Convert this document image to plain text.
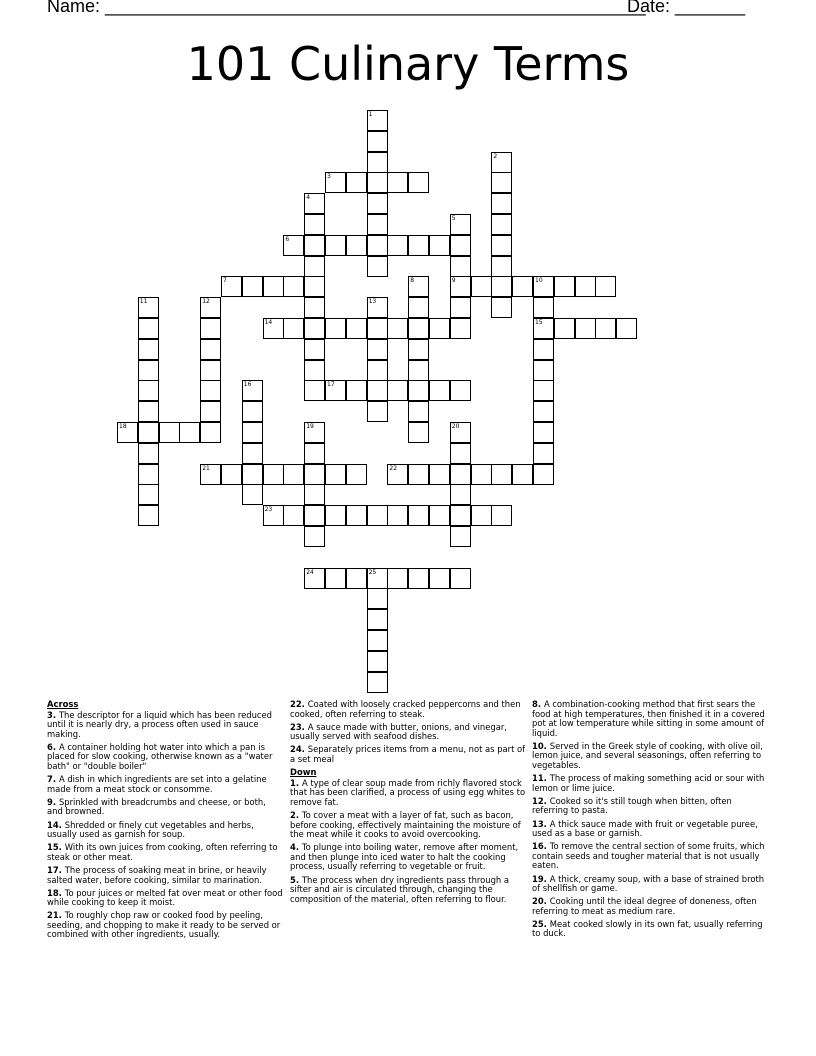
Name: ______________________________________________________
Date: _______
101 Culinary Terms
1
2
3
4
5
9
6
7	8	10
15
11	12	13
14
16	17
18	19	20
21	22
23
24	25
Across
3. The descriptor for a liquid which has been reduced until it is nearly dry, a process often used in sauce making.
6. A container holding hot water into which a pan is placed for slow cooking, otherwise known as a "water bath" or "double boiler"
7. A dish in which ingredients are set into a gelatine made from a meat stock or consomme.
9. Sprinkled with breadcrumbs and cheese, or both, and browned.
14. Shredded or finely cut vegetables and herbs, usually used as garnish for soup.
15. With its own juices from cooking, often referring to steak or other meat.
17. The process of soaking meat in brine, or heavily salted water, before cooking, similar to marination.
18. To pour juices or melted fat over meat or other food while cooking to keep it moist.
21. To roughly chop raw or cooked food by peeling, seeding, and chopping to make it ready to be served or combined with other ingredients, usually.
22. Coated with loosely cracked peppercorns and then cooked, often referring to steak.
23. A sauce made with butter, onions, and vinegar, usually served with seafood dishes.
24. Separately prices items from a menu, not as part of a set meal
Down
1. A type of clear soup made from richly flavored stock that has been clarified, a process of using egg whites to remove fat.
2. To cover a meat with a layer of fat, such as bacon, before cooking, effectively maintaining the moisture of the meat while it cooks to avoid overcooking.
4. To plunge into boiling water, remove after moment, and then plunge into iced water to halt the cooking process, usually referring to vegetable or fruit.
5. The process when dry ingredients pass through a sifter and air is circulated through, changing the composition of the material, often referring to flour.
8. A combination-cooking method that first sears the food at high temperatures, then finished it in a covered pot at low temperature while sitting in some amount of liquid.
10. Served in the Greek style of cooking, with olive oil, lemon juice, and several seasonings, often referring to vegetables.
11. The process of making something acid or sour with lemon or lime juice.
12. Cooked so it's still tough when bitten, often referring to pasta.
13. A thick sauce made with fruit or vegetable puree, used as a base or garnish.
16. To remove the central section of some fruits, which contain seeds and tougher material that is not usually eaten.
19. A thick, creamy soup, with a base of strained broth of shellfish or game.
20. Cooking until the ideal degree of doneness, often referring to meat as medium rare.
25. Meat cooked slowly in its own fat, usually referring to duck.
